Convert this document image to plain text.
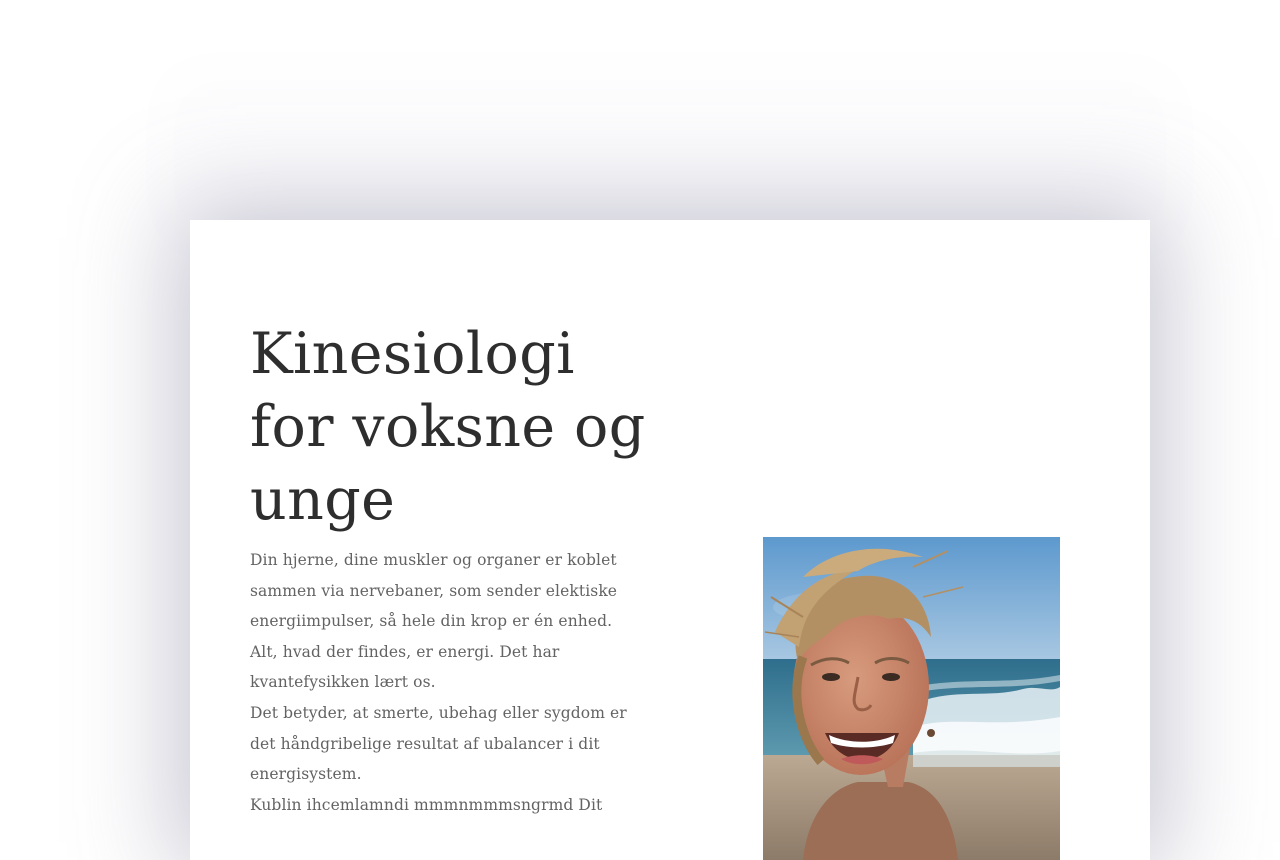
Kinesiologi
for voksne og
unge

Din hjerne, dine muskler og organer er koblet
sammen via nervebaner, som sender elektiske
energiimpulser, så hele din krop er én enhed.
Alt, hvad der findes, er energi. Det har
kvantefysikken lært os.
Det betyder, at smerte, ubehag eller sygdom er
det håndgribelige resultat af ubalancer i dit
energisystem.
Kublin ihcemlamndi mmmnmmmsngrmd Dit
